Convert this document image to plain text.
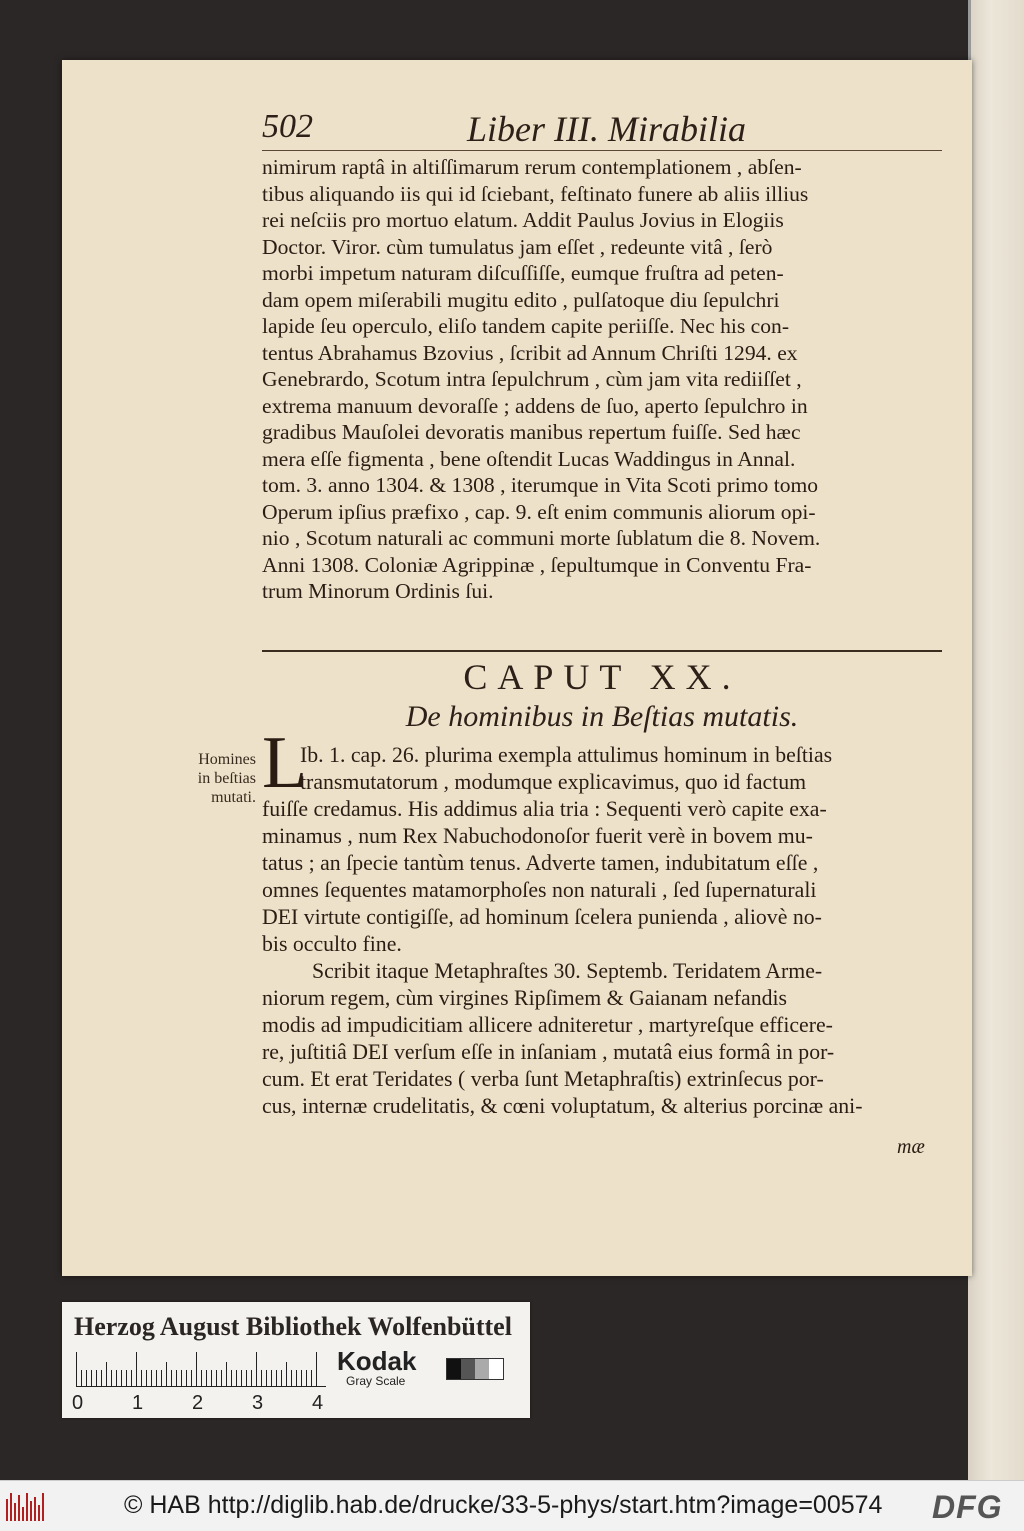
502	Liber III. Mirabilia
nimirum raptâ in altiſſimarum rerum contemplationem , abſen-
tibus aliquando iis qui id ſciebant, feſtinato funere ab aliis illius
rei neſciis pro mortuo elatum. Addit Paulus Jovius in Elogiis
Doctor. Viror. cùm tumulatus jam eſſet , redeunte vitâ , ſerò
morbi impetum naturam diſcuſſiſſe, eumque fruſtra ad peten-
dam opem miſerabili mugitu edito , pulſatoque diu ſepulchri
lapide ſeu operculo, eliſo tandem capite periiſſe. Nec his con-
tentus Abrahamus Bzovius , ſcribit ad Annum Chriſti 1294. ex
Genebrardo, Scotum intra ſepulchrum , cùm jam vita rediiſſet ,
extrema manuum devoraſſe ; addens de ſuo, aperto ſepulchro in
gradibus Mauſolei devoratis manibus repertum fuiſſe. Sed hæc
mera eſſe figmenta , bene oſtendit Lucas Waddingus in Annal.
tom. 3. anno 1304. & 1308 , iterumque in Vita Scoti primo tomo
Operum ipſius præfixo , cap. 9. eſt enim communis aliorum opi-
nio , Scotum naturali ac communi morte ſublatum die 8. Novem.
Anni 1308. Coloniæ Agrippinæ , ſepultumque in Conventu Fra-
trum Minorum Ordinis ſui.
CAPUT XX.
De hominibus in Beſtias mutatis.
Homines
in beſtias
mutati. L
Ib. 1. cap. 26. plurima exempla attulimus hominum in beſtias
transmutatorum , modumque explicavimus, quo id factum
fuiſſe credamus. His addimus alia tria : Sequenti verò capite exa-
minamus , num Rex Nabuchodonoſor fuerit verè in bovem mu-
tatus ; an ſpecie tantùm tenus. Adverte tamen, indubitatum eſſe ,
omnes ſequentes matamorphoſes non naturali , ſed ſupernaturali
DEI virtute contigiſſe, ad hominum ſcelera punienda , aliovè no-
bis occulto fine.
Scribit itaque Metaphraſtes 30. Septemb. Teridatem Arme-
niorum regem, cùm virgines Ripſimem & Gaianam nefandis
modis ad impudicitiam allicere adniteretur , martyreſque efficere-
re, juſtitiâ DEI verſum eſſe in inſaniam , mutatâ eius formâ in por-
cum. Et erat Teridates ( verba ſunt Metaphraſtis) extrinſecus por-
cus, internæ crudelitatis, & cœni voluptatum, & alterius porcinæ ani-
mæ
Herzog August Bibliothek Wolfenbüttel
0 1 2 3 4
Kodak
Gray Scale
© HAB http://diglib.hab.de/drucke/33-5-phys/start.htm?image=00574 DFG
